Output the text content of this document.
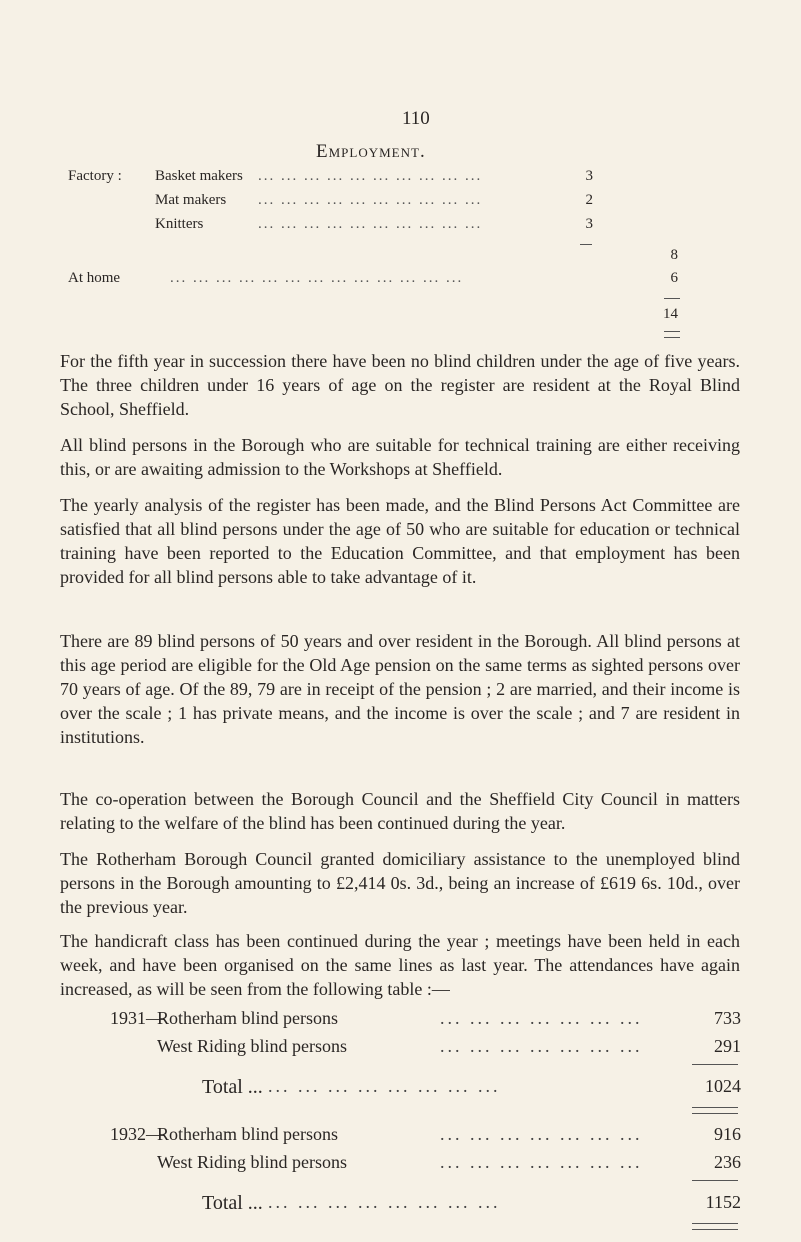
110
Employment.
Factory : Basket makers ... ... ... ... ... ... ... ... ... ...	3
Mat makers ... ... ... ... ... ... ... ... ... ...	2
Knitters	... ... ... ... ... ... ... ... ... ...	3
8
At home	... ... ... ... ... ... ... ... ... ... ... ... ...	6
14

For the fifth year in succession there have been no blind children under the age of five years. The three children under 16 years of age on the register are resident at the Royal Blind School, Sheffield.

All blind persons in the Borough who are suitable for technical training are either receiving this, or are awaiting admission to the Workshops at Sheffield.

The yearly analysis of the register has been made, and the Blind Persons Act Committee are satisfied that all blind persons under the age of 50 who are suitable for education or technical training have been reported to the Education Committee, and that employment has been provided for all blind persons able to take advantage of it.

There are 89 blind persons of 50 years and over resident in the Borough. All blind persons at this age period are eligible for the Old Age pension on the same terms as sighted persons over 70 years of age. Of the 89, 79 are in receipt of the pension ; 2 are married, and their income is over the scale ; 1 has private means, and the income is over the scale ; and 7 are resident in institutions.

The co-operation between the Borough Council and the Sheffield City Council in matters relating to the welfare of the blind has been continued during the year.

The Rotherham Borough Council granted domiciliary assistance to the unemployed blind persons in the Borough amounting to £2,414 0s. 3d., being an increase of £619 6s. 10d., over the previous year.

The handicraft class has been continued during the year ; meetings have been held in each week, and have been organised on the same lines as last year. The attendances have again increased, as will be seen from the following table :—

1931—
Rotherham blind persons	... ... ... ... ... ... ...	733
West Riding blind persons	... ... ... ... ... ... ...	291
Total ... ... ... ... ... ... ... ... ...	1024
1932—
Rotherham blind persons	... ... ... ... ... ... ...	916
West Riding blind persons	... ... ... ... ... ... ...	236
Total ... ... ... ... ... ... ... ... ...	1152
